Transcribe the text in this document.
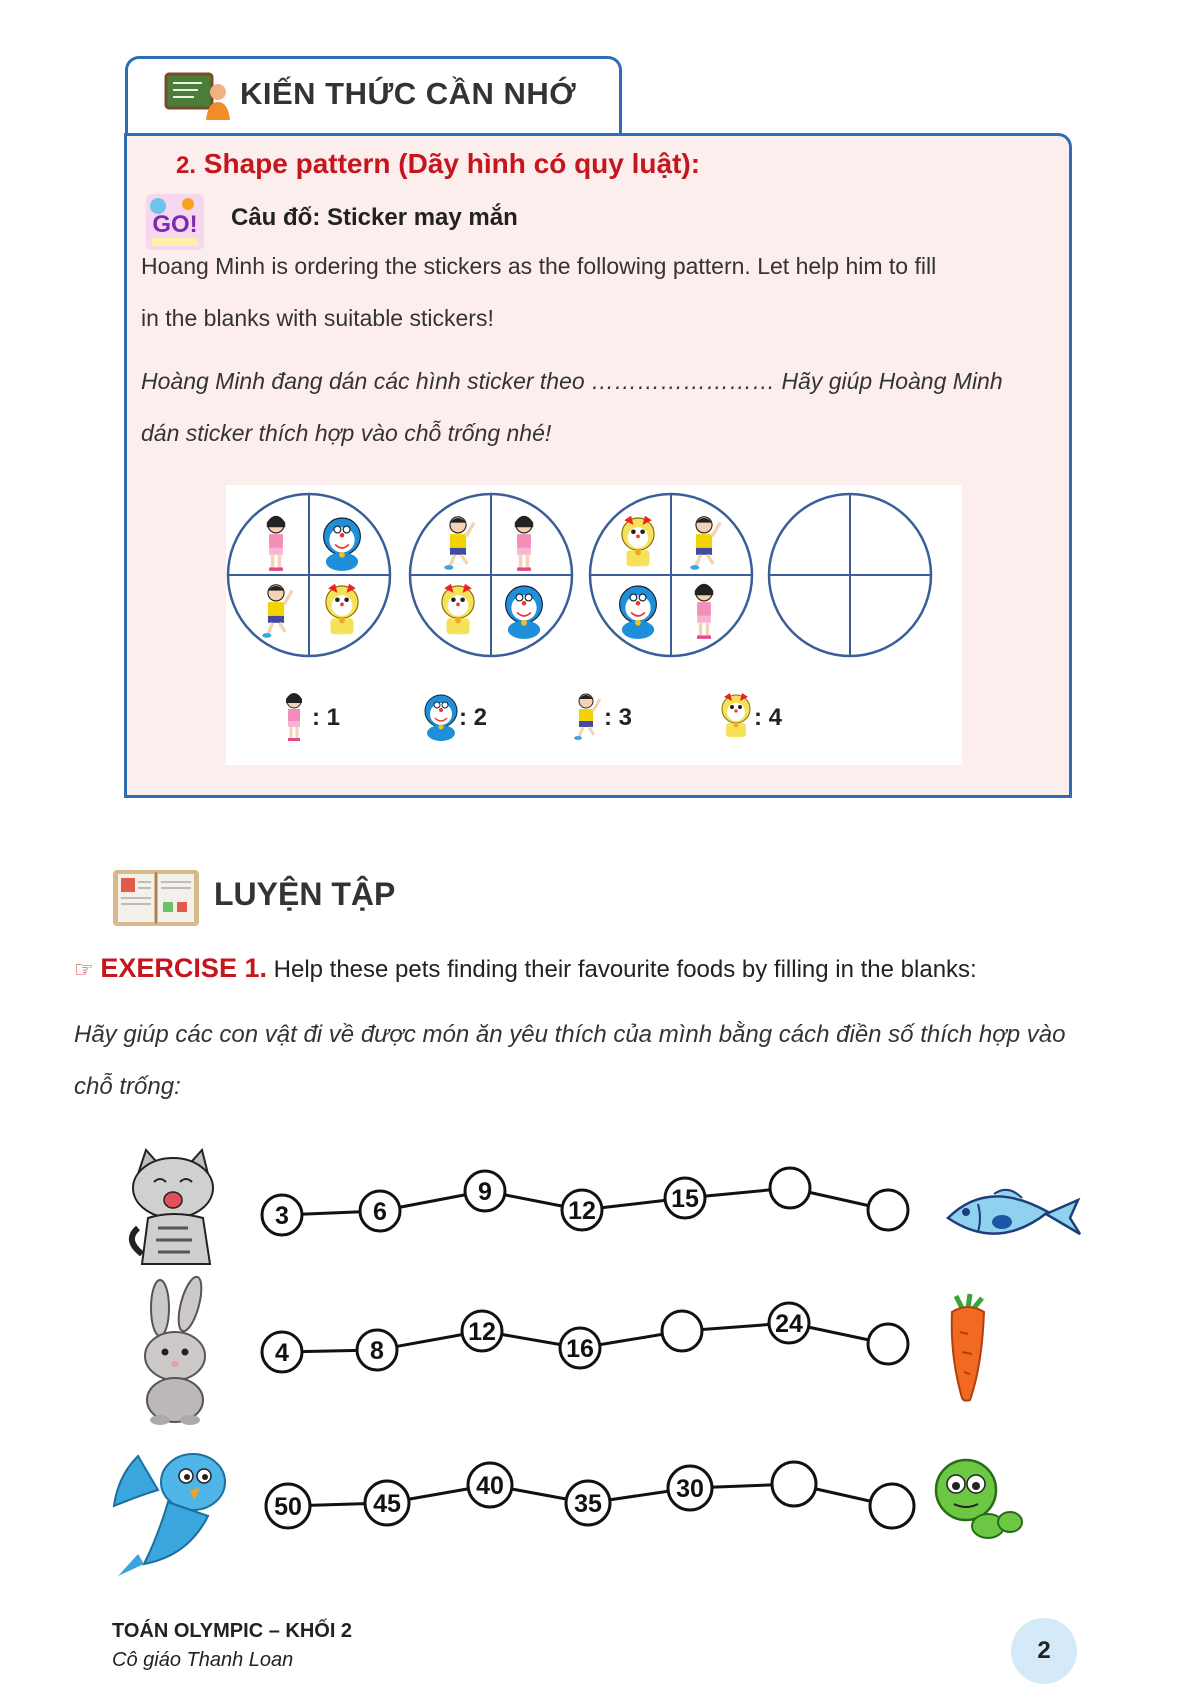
KIẾN THỨC CẦN NHỚ
2. Shape pattern (Dãy hình có quy luật):
GO! Câu đố: Sticker may mắn
Hoang Minh is ordering the stickers as the following pattern. Let help him to fill
in the blanks with suitable stickers!
Hoàng Minh đang dán các hình sticker theo …………………… Hãy giúp Hoàng Minh
dán sticker thích hợp vào chỗ trống nhé!
: 1	: 2	: 3	: 4
LUYỆN TẬP
☞ EXERCISE 1. Help these pets finding their favourite foods by filling in the blanks:
Hãy giúp các con vật đi về được món ăn yêu thích của mình bằng cách điền số thích hợp vào
chỗ trống:
3	6
9
12	15
4	8
12
16
24
50	45
40
35
30
TOÁN OLYMPIC – KHỐI 2
Cô giáo Thanh Loan	2
